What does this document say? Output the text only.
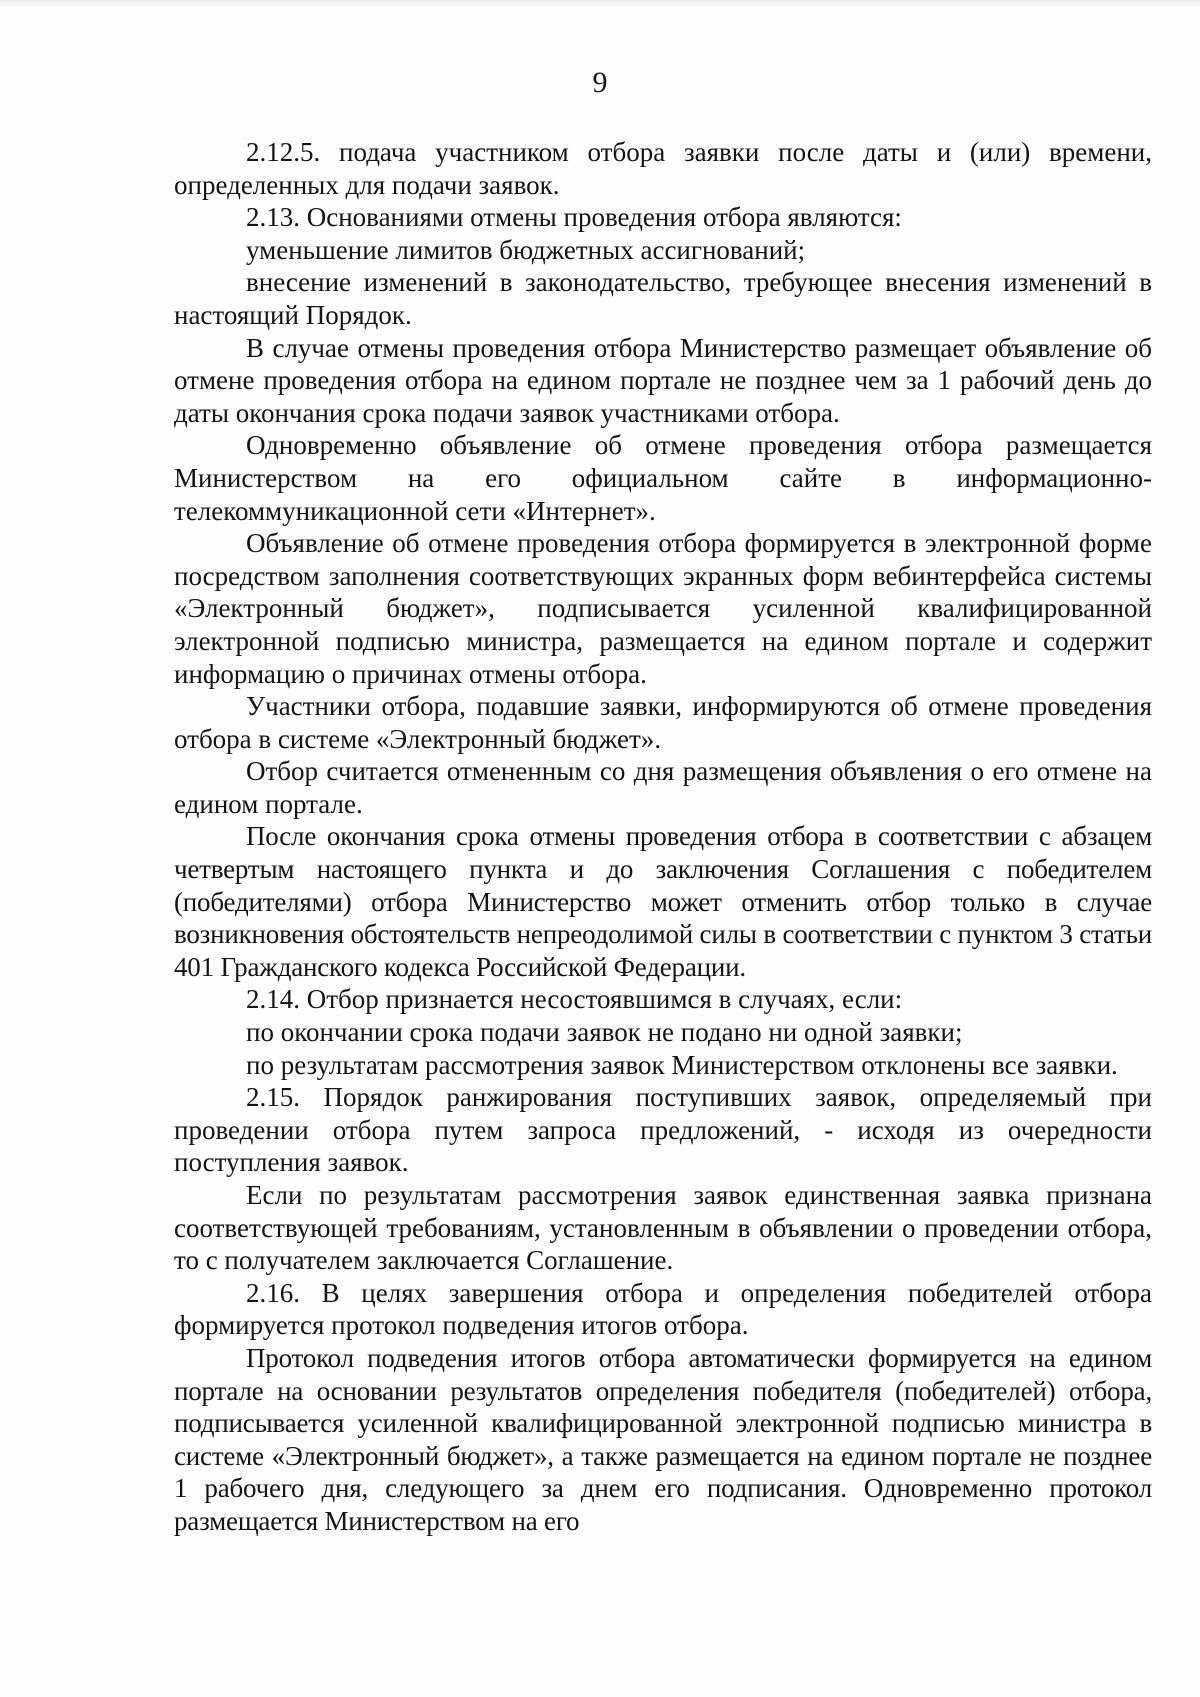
9

2.12.5. подача участником отбора заявки после даты и (или) времени, определенных для подачи заявок.

2.13. Основаниями отмены проведения отбора являются:

уменьшение лимитов бюджетных ассигнований;

внесение изменений в законодательство, требующее внесения изменений в настоящий Порядок.

В случае отмены проведения отбора Министерство размещает объявление об отмене проведения отбора на едином портале не позднее чем за 1 рабочий день до даты окончания срока подачи заявок участниками отбора.

Одновременно объявление об отмене проведения отбора размещается Министерством на его официальном сайте в информационно-телекоммуникационной сети «Интернет».

Объявление об отмене проведения отбора формируется в электронной форме посредством заполнения соответствующих экранных форм вебинтерфейса системы «Электронный бюджет», подписывается усиленной квалифицированной электронной подписью министра, размещается на едином портале и содержит информацию о причинах отмены отбора.

Участники отбора, подавшие заявки, информируются об отмене проведения отбора в системе «Электронный бюджет».

Отбор считается отмененным со дня размещения объявления о его отмене на едином портале.

После окончания срока отмены проведения отбора в соответствии с абзацем четвертым настоящего пункта и до заключения Соглашения с победителем (победителями) отбора Министерство может отменить отбор только в случае возникновения обстоятельств непреодолимой силы в соответствии с пунктом 3 статьи 401 Гражданского кодекса Российской Федерации.

2.14. Отбор признается несостоявшимся в случаях, если:

по окончании срока подачи заявок не подано ни одной заявки;

по результатам рассмотрения заявок Министерством отклонены все заявки.

2.15. Порядок ранжирования поступивших заявок, определяемый при проведении отбора путем запроса предложений, - исходя из очередности поступления заявок.

Если по результатам рассмотрения заявок единственная заявка признана соответствующей требованиям, установленным в объявлении о проведении отбора, то с получателем заключается Соглашение.

2.16. В целях завершения отбора и определения победителей отбора формируется протокол подведения итогов отбора.

Протокол подведения итогов отбора автоматически формируется на едином портале на основании результатов определения победителя (победителей) отбора, подписывается усиленной квалифицированной электронной подписью министра в системе «Электронный бюджет», а также размещается на едином портале не позднее 1 рабочего дня, следующего за днем его подписания. Одновременно протокол размещается Министерством на его
